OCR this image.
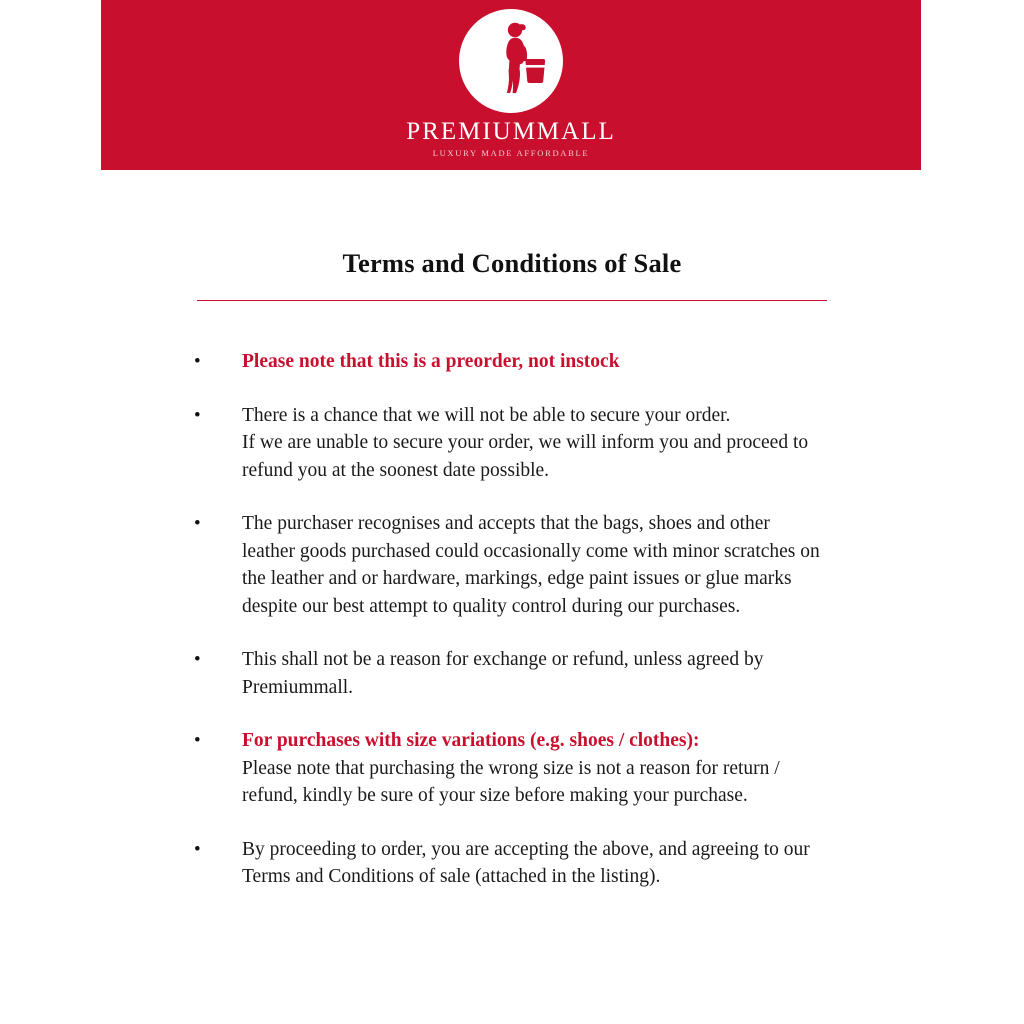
PREMIUMMALL
LUXURY MADE AFFORDABLE
Terms and Conditions of Sale
•	Please note that this is a preorder, not instock

•	There is a chance that we will not be able to secure your order.

If we are unable to secure your order, we will inform you and proceed to

refund you at the soonest date possible.

•	The purchaser recognises and accepts that the bags, shoes and other

leather goods purchased could occasionally come with minor scratches on

the leather and or hardware, markings, edge paint issues or glue marks

despite our best attempt to quality control during our purchases.

•	This shall not be a reason for exchange or refund, unless agreed by

Premiummall.

•	For purchases with size variations (e.g. shoes / clothes):

Please note that purchasing the wrong size is not a reason for return /

refund, kindly be sure of your size before making your purchase.

•	By proceeding to order, you are accepting the above, and agreeing to our

Terms and Conditions of sale (attached in the listing).
